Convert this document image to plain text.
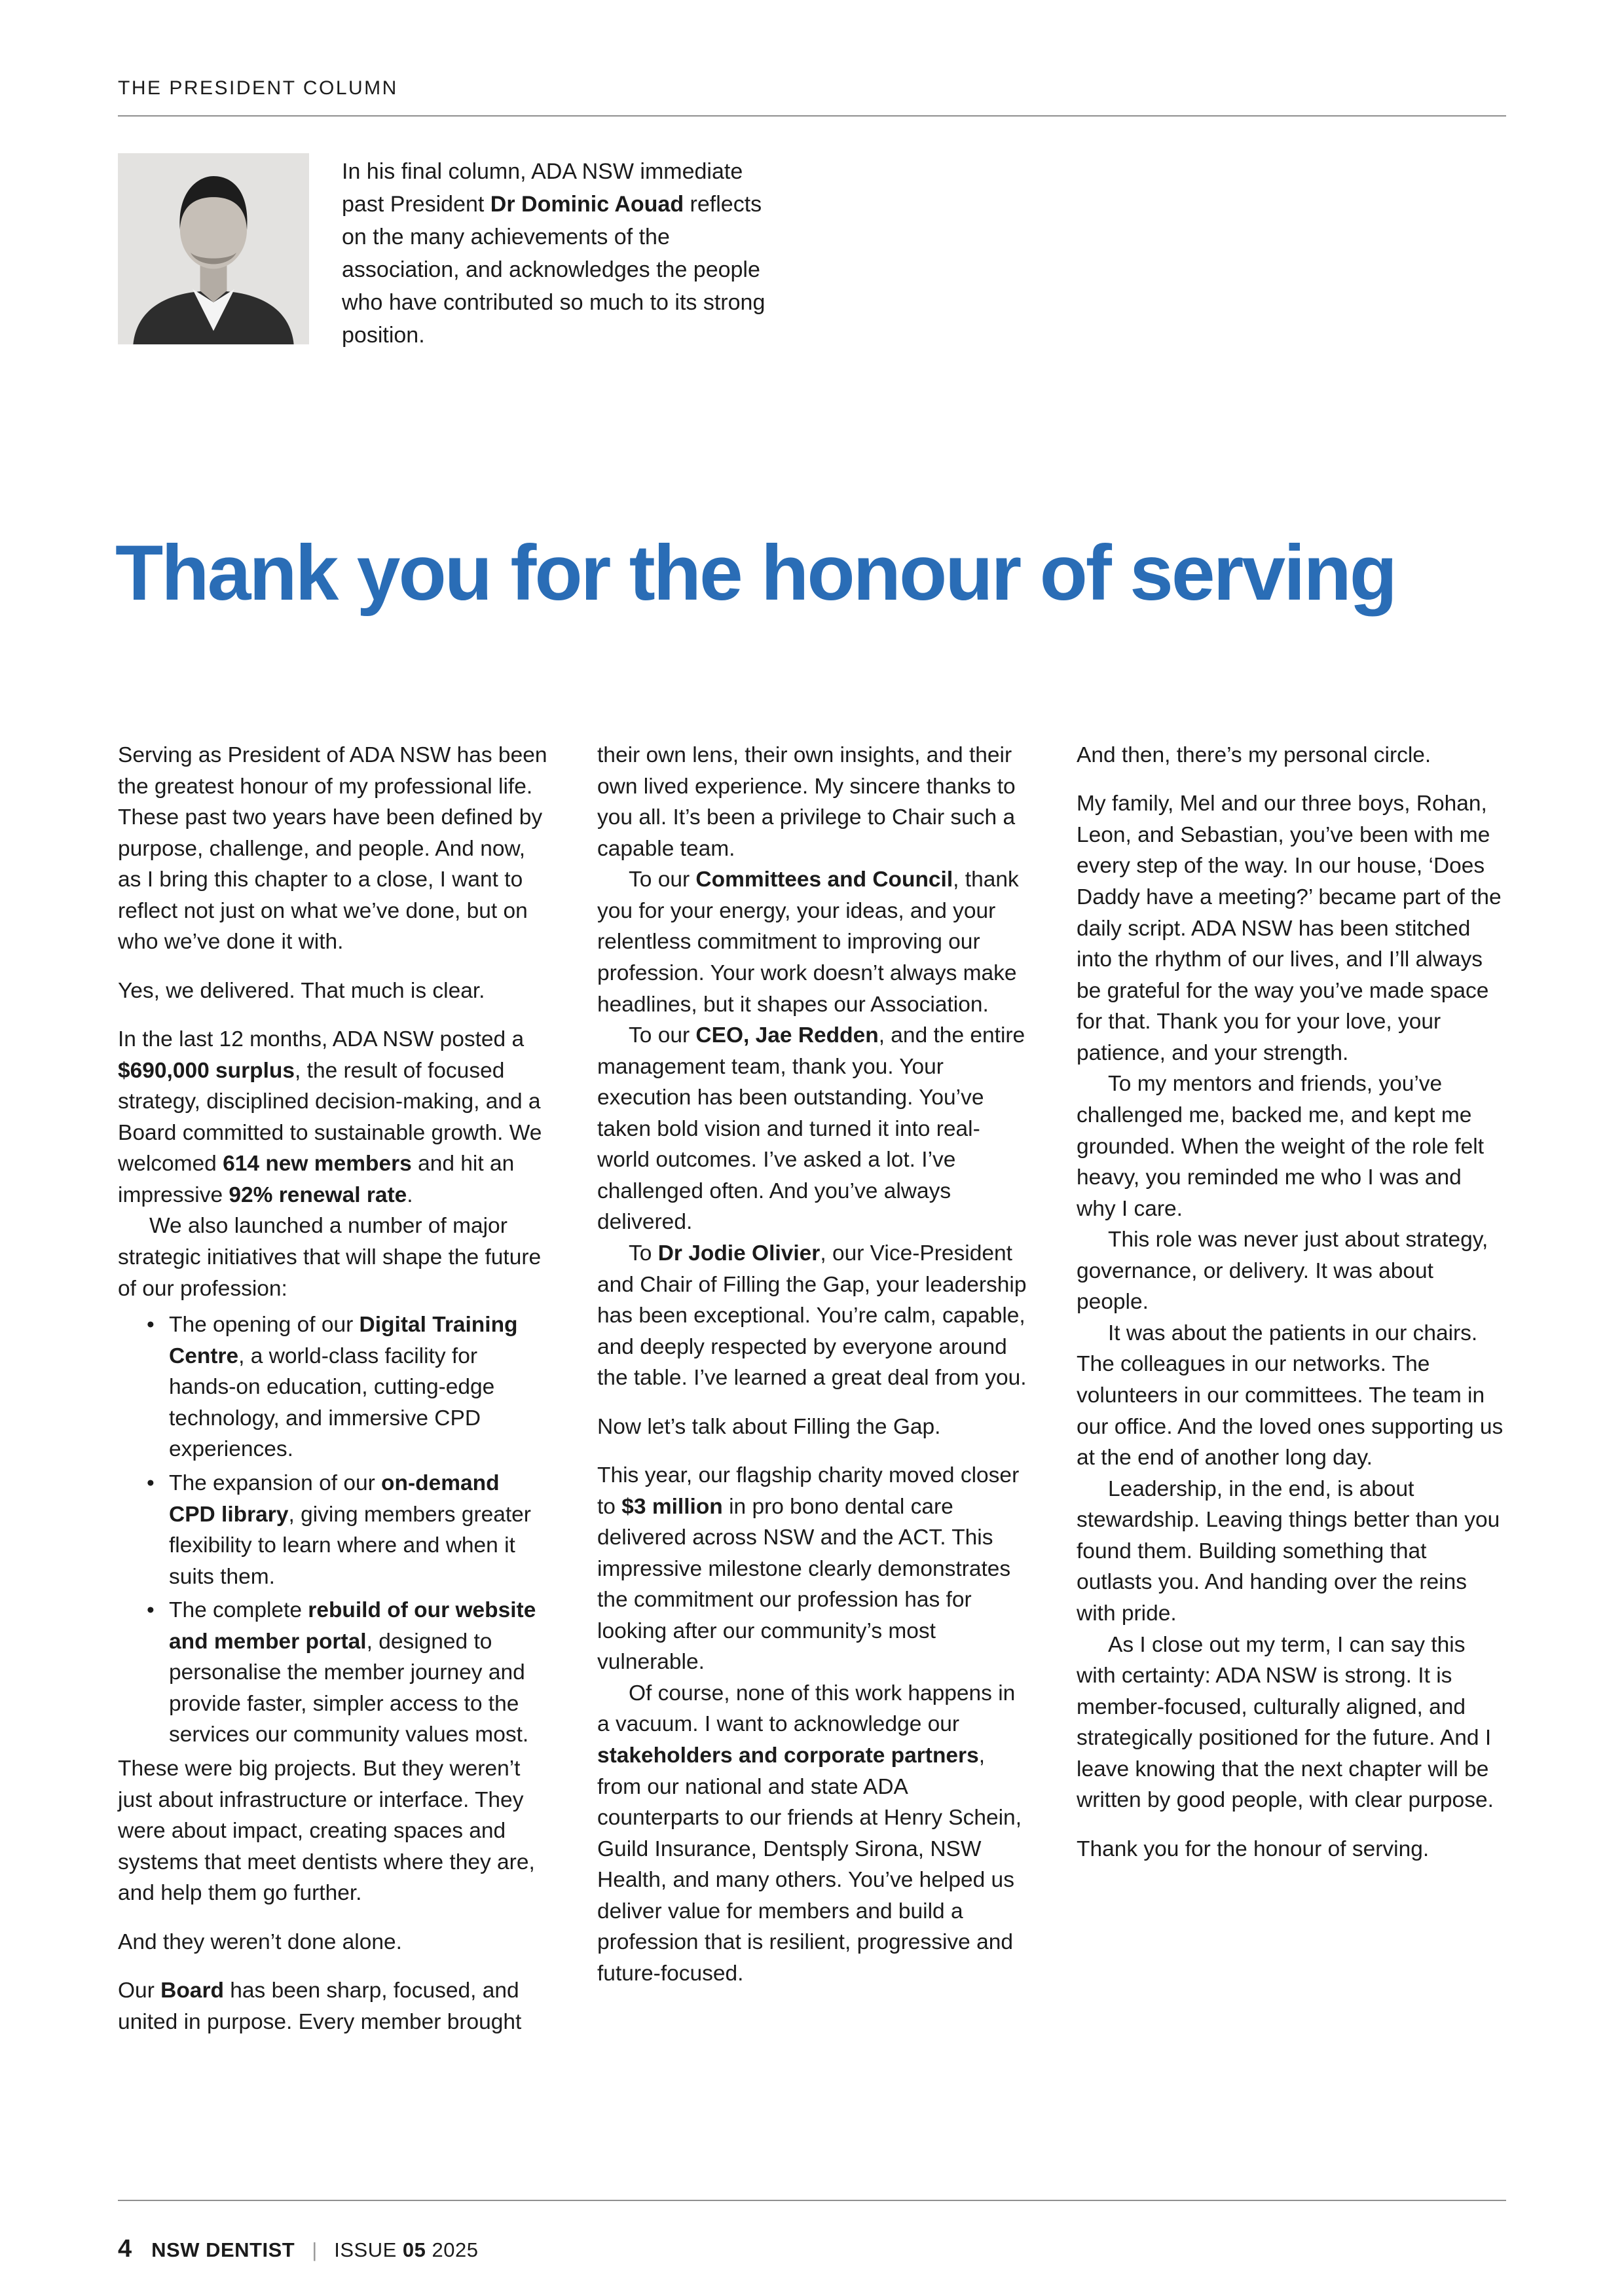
THE PRESIDENT COLUMN
In his final column, ADA NSW immediate past President Dr Dominic Aouad reflects on the many achievements of the association, and acknowledges the people who have contributed so much to its strong position.
Thank you for the honour of serving

Serving as President of ADA NSW has been the greatest honour of my professional life. These past two years have been defined by purpose, challenge, and people. And now, as I bring this chapter to a close, I want to reflect not just on what we’ve done, but on who we’ve done it with.

Yes, we delivered. That much is clear.

In the last 12 months, ADA NSW posted a $690,000 surplus, the result of focused strategy, disciplined decision-making, and a Board committed to sustainable growth. We welcomed 614 new members and hit an impressive 92% renewal rate.

We also launched a number of major strategic initiatives that will shape the future of our profession:

• The opening of our Digital Training Centre, a world-class facility for hands-on education, cutting-edge technology, and immersive CPD experiences.
• The expansion of our on-demand CPD library, giving members greater flexibility to learn where and when it suits them.
• The complete rebuild of our website and member portal, designed to personalise the member journey and provide faster, simpler access to the services our community values most.

These were big projects. But they weren’t just about infrastructure or interface. They were about impact, creating spaces and systems that meet dentists where they are, and help them go further.

And they weren’t done alone.

Our Board has been sharp, focused, and united in purpose. Every member brought

their own lens, their own insights, and their own lived experience. My sincere thanks to you all. It’s been a privilege to Chair such a capable team.

To our Committees and Council, thank you for your energy, your ideas, and your relentless commitment to improving our profession. Your work doesn’t always make headlines, but it shapes our Association.

To our CEO, Jae Redden, and the entire management team, thank you. Your execution has been outstanding. You’ve taken bold vision and turned it into real-world outcomes. I’ve asked a lot. I’ve challenged often. And you’ve always delivered.

To Dr Jodie Olivier, our Vice-President and Chair of Filling the Gap, your leadership has been exceptional. You’re calm, capable, and deeply respected by everyone around the table. I’ve learned a great deal from you.

Now let’s talk about Filling the Gap.

This year, our flagship charity moved closer to $3 million in pro bono dental care delivered across NSW and the ACT. This impressive milestone clearly demonstrates the commitment our profession has for looking after our community’s most vulnerable.

Of course, none of this work happens in a vacuum. I want to acknowledge our stakeholders and corporate partners, from our national and state ADA counterparts to our friends at Henry Schein, Guild Insurance, Dentsply Sirona, NSW Health, and many others. You’ve helped us deliver value for members and build a profession that is resilient, progressive and future-focused.

And then, there’s my personal circle.

My family, Mel and our three boys, Rohan, Leon, and Sebastian, you’ve been with me every step of the way. In our house, ‘Does Daddy have a meeting?’ became part of the daily script. ADA NSW has been stitched into the rhythm of our lives, and I’ll always be grateful for the way you’ve made space for that. Thank you for your love, your patience, and your strength.

To my mentors and friends, you’ve challenged me, backed me, and kept me grounded. When the weight of the role felt heavy, you reminded me who I was and why I care.

This role was never just about strategy, governance, or delivery. It was about people.

It was about the patients in our chairs. The colleagues in our networks. The volunteers in our committees. The team in our office. And the loved ones supporting us at the end of another long day.

Leadership, in the end, is about stewardship. Leaving things better than you found them. Building something that outlasts you. And handing over the reins with pride.

As I close out my term, I can say this with certainty: ADA NSW is strong. It is member-focused, culturally aligned, and strategically positioned for the future. And I leave knowing that the next chapter will be written by good people, with clear purpose.

Thank you for the honour of serving.

4 NSW DENTIST | ISSUE 05 2025
